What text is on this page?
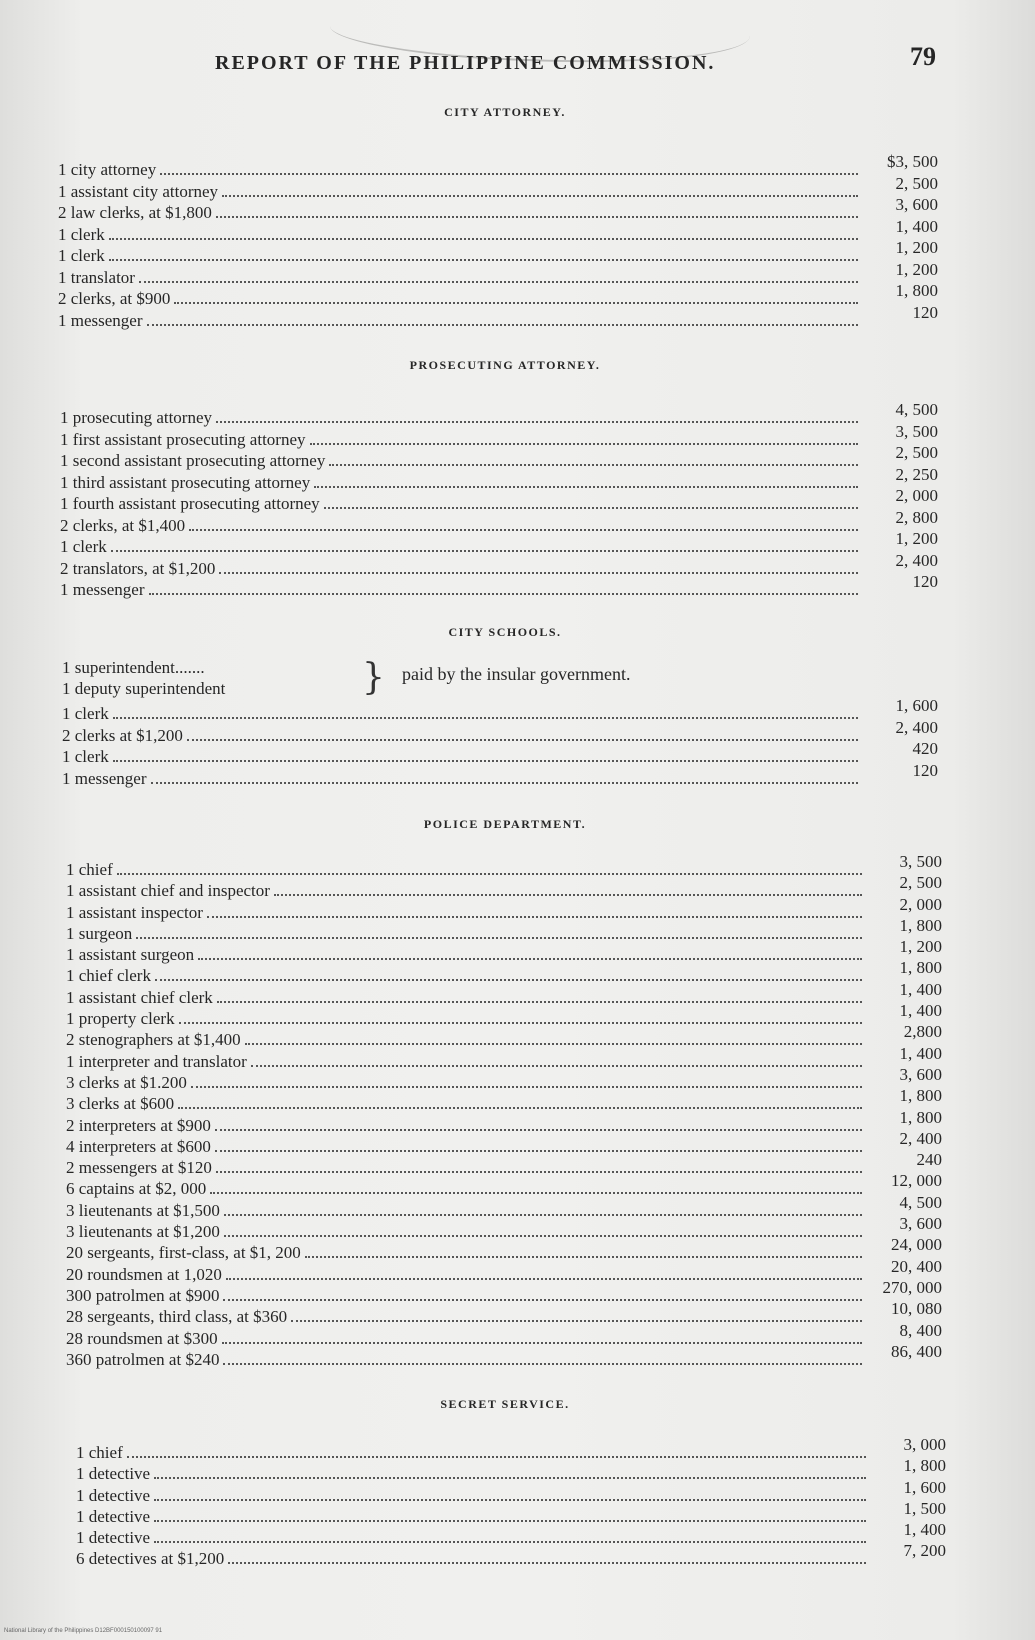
REPORT OF THE PHILIPPINE COMMISSION.	79
CITY ATTORNEY.
1 city attorney	$3, 500
1 assistant city attorney	2, 500
2 law clerks, at $1,800	3, 600
1 clerk	1, 400
1 clerk	1, 200
1 translator	1, 200
2 clerks, at $900	1, 800
1 messenger	120
PROSECUTING ATTORNEY.
1 prosecuting attorney	4, 500
1 first assistant prosecuting attorney	3, 500
1 second assistant prosecuting attorney	2, 500
1 third assistant prosecuting attorney	2, 250
1 fourth assistant prosecuting attorney	2, 000
2 clerks, at $1,400	2, 800
1 clerk	1, 200
2 translators, at $1,200	2, 400
1 messenger	120
CITY SCHOOLS.
1 superintendent.......
1 deputy superintendent	} paid by the insular government.
1 clerk	1, 600
2 clerks at $1,200	2, 400
1 clerk	420
1 messenger	120
POLICE DEPARTMENT.
1 chief	3, 500
1 assistant chief and inspector	2, 500
1 assistant inspector	2, 000
1 surgeon	1, 800
1 assistant surgeon	1, 200
1 chief clerk	1, 800
1 assistant chief clerk	1, 400
1 property clerk	1, 400
2 stenographers at $1,400	2,800
1 interpreter and translator	1, 400
3 clerks at $1.200	3, 600
3 clerks at $600	1, 800
2 interpreters at $900	1, 800
4 interpreters at $600	2, 400
2 messengers at $120	240
6 captains at $2, 000	12, 000
3 lieutenants at $1,500	4, 500
3 lieutenants at $1,200	3, 600
20 sergeants, first-class, at $1, 200	24, 000
20 roundsmen at 1,020	20, 400
300 patrolmen at $900	270, 000
28 sergeants, third class, at $360	10, 080
28 roundsmen at $300	8, 400
360 patrolmen at $240	86, 400
SECRET SERVICE.
1 chief	3, 000
1 detective	1, 800
1 detective	1, 600
1 detective	1, 500
1 detective	1, 400
6 detectives at $1,200	7, 200
National Library of the Philippines D12BF000150100097 91
